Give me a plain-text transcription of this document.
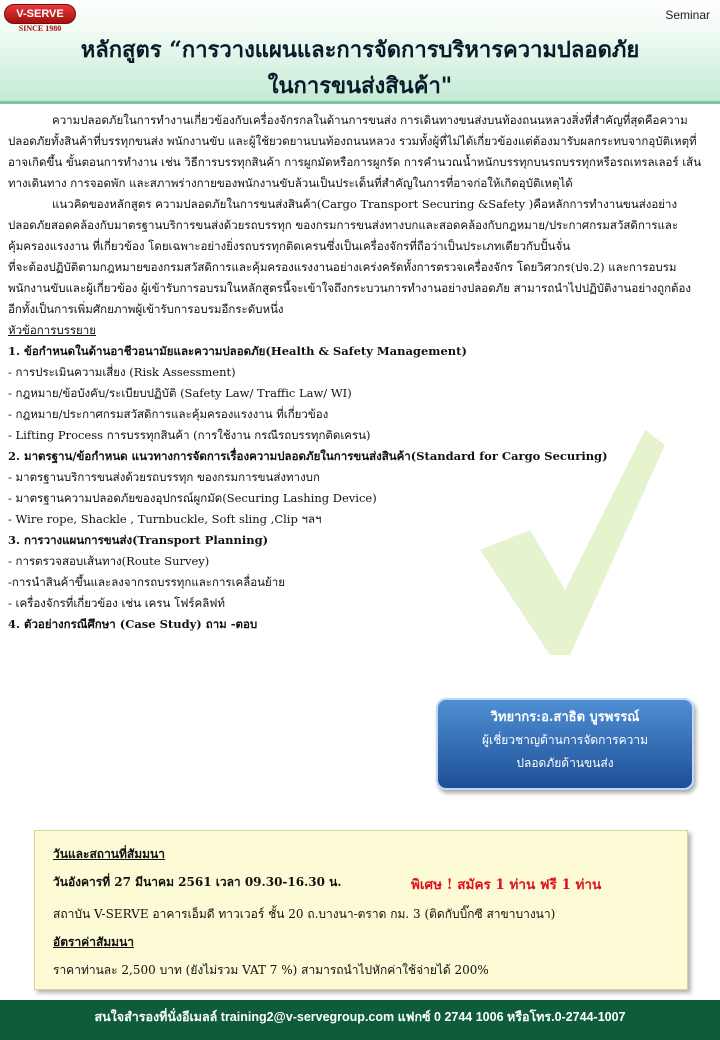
V-SERVE
SINCE 1980
Seminar
หลักสูตร “การวางแผนและการจัดการบริหารความปลอดภัย
ในการขนส่งสินค้า"

ความปลอดภัยในการทำงานเกี่ยวข้องกับเครื่องจักรกลในด้านการขนส่ง การเดินทางขนส่งบนท้องถนนหลวงสิ่งที่สำคัญที่สุดคือความปลอดภัยทั้งสินค้าที่บรรทุกขนส่ง พนักงานขับ และผู้ใช้ยวดยานบนท้องถนนหลวง รวมทั้งผู้ที่ไม่ได้เกี่ยวข้องแต่ต้องมารับผลกระทบจากอุบัติเหตุที่อาจเกิดขึ้น ขั้นตอนการทำงาน เช่น วิธีการบรรทุกสินค้า การผูกมัดหรือการผูกรัด การคำนวณน้ำหนักบรรทุกบนรถบรรทุกหรือรถเทรลเลอร์ เส้นทางเดินทาง การจอดพัก และสภาพร่างกายของพนักงานขับล้วนเป็นประเด็นที่สำคัญในการที่อาจก่อให้เกิดอุบัติเหตุได้

แนวคิดของหลักสูตร ความปลอดภัยในการขนส่งสินค้า(Cargo Transport Securing &Safety )คือหลักการทำงานขนส่งอย่างปลอดภัยสอดคล้องกับมาตรฐานบริการขนส่งด้วยรถบรรทุก ของกรมการขนส่งทางบกและสอดคล้องกับกฎหมาย/ประกาศกรมสวัสดิการและคุ้มครองแรงงาน ที่เกี่ยวข้อง โดยเฉพาะอย่างยิ่งรถบรรทุกติดเครนซึ่งเป็นเครื่องจักรที่ถือว่าเป็นประเภทเดียวกับปั้นจั่น

ที่จะต้องปฏิบัติตามกฎหมายของกรมสวัสดิการและคุ้มครองแรงงานอย่างเคร่งครัดทั้งการตรวจเครื่องจักร โดยวิศวกร(ปจ.2) และการอบรมพนักงานขับและผู้เกี่ยวข้อง ผู้เข้ารับการอบรมในหลักสูตรนี้จะเข้าใจถึงกระบวนการทำงานอย่างปลอดภัย สามารถนำไปปฏิบัติงานอย่างถูกต้อง อีกทั้งเป็นการเพิ่มศักยภาพผู้เข้ารับการอบรมอีกระดับหนึ่ง

หัวข้อการบรรยาย

1. ข้อกำหนดในด้านอาชีวอนามัยและความปลอดภัย(Health & Safety Management)

- การประเมินความเสี่ยง (Risk Assessment)

- กฎหมาย/ข้อบังคับ/ระเบียบปฏิบัติ (Safety Law/ Traffic Law/ WI)

- กฎหมาย/ประกาศกรมสวัสดิการและคุ้มครองแรงงาน ที่เกี่ยวข้อง

- Lifting Process การบรรทุกสินค้า (การใช้งาน กรณีรถบรรทุกติดเครน)

2. มาตรฐาน/ข้อกำหนด แนวทางการจัดการเรื่องความปลอดภัยในการขนส่งสินค้า(Standard for Cargo Securing)

- มาตรฐานบริการขนส่งด้วยรถบรรทุก ของกรมการขนส่งทางบก

- มาตรฐานความปลอดภัยของอุปกรณ์ผูกมัด(Securing Lashing Device)

- Wire rope, Shackle , Turnbuckle, Soft sling ,Clip ฯลฯ

3. การวางแผนการขนส่ง(Transport Planning)

- การตรวจสอบเส้นทาง(Route Survey)

-การนำสินค้าขึ้นและลงจากรถบรรทุกและการเคลื่อนย้าย

- เครื่องจักรที่เกี่ยวข้อง เช่น เครน โฟร์คลิฟท์

4. ตัวอย่างกรณีศึกษา (Case Study) ถาม -ตอบ

วิทยากร:อ.สาธิต บูรพรรณ์
ผู้เชี่ยวชาญด้านการจัดการความ
ปลอดภัยด้านขนส่ง
วันและสถานที่สัมมนา
วันอังคารที่ 27 มีนาคม 2561 เวลา 09.30-16.30 น.	พิเศษ ! สมัคร 1 ท่าน ฟรี 1 ท่าน
สถาบัน V-SERVE อาคารเอ็มดี ทาวเวอร์ ชั้น 20 ถ.บางนา-ตราด กม. 3 (ติดกับบิ๊กซี สาขาบางนา)
อัตราค่าสัมมนา
ราคาท่านละ 2,500 บาท (ยังไม่รวม VAT 7 %) สามารถนำไปหักค่าใช้จ่ายได้ 200%
สนใจสำรองที่นั่งอีเมลล์ training2@v-servegroup.com แฟกซ์ 0 2744 1006 หรือโทร.0-2744-1007
